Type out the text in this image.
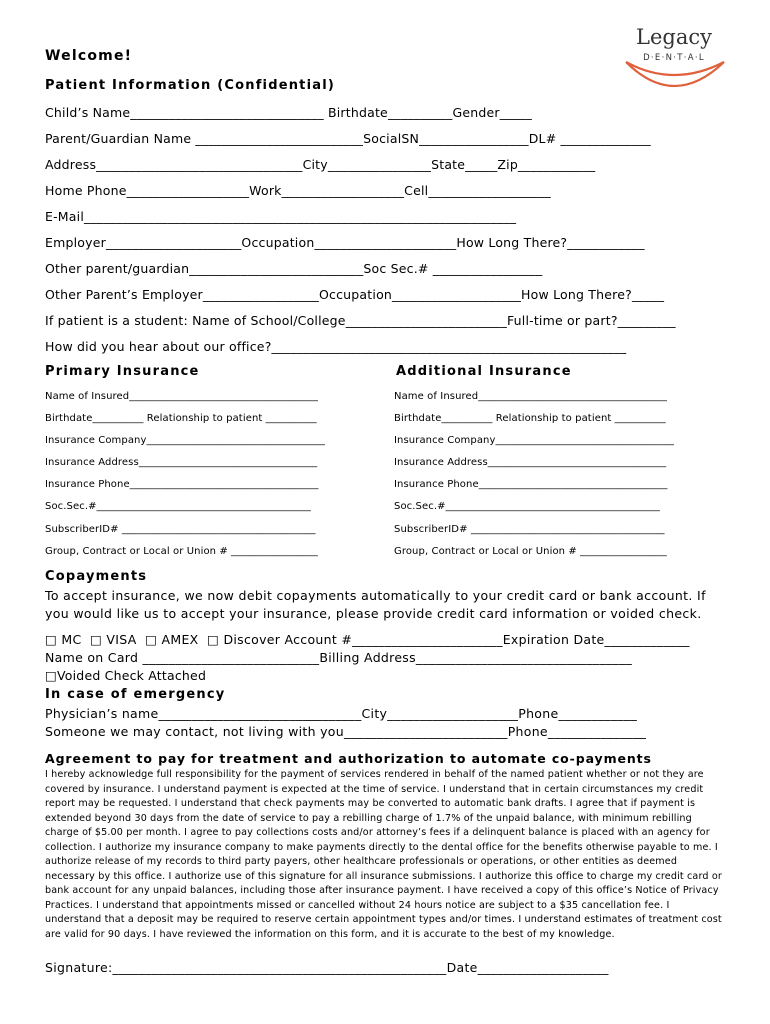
Legacy
D·E·N·T·A·L
Welcome!
Patient Information (Confidential)
Child’s Name______________________________ Birthdate__________Gender_____
Parent/Guardian Name __________________________SocialSN_________________DL# ______________
Address________________________________City________________State_____Zip____________
Home Phone___________________Work___________________Cell___________________
E-Mail___________________________________________________________________
Employer_____________________Occupation______________________How Long There?____________
Other parent/guardian___________________________Soc Sec.# _________________
Other Parent’s Employer__________________Occupation____________________How Long There?_____
If patient is a student: Name of School/College_________________________Full-time or part?_________
How did you hear about our office?_______________________________________________________
Primary Insurance	Additional Insurance
Name of Insured_____________________________________
Birthdate__________ Relationship to patient __________
Insurance Company___________________________________
Insurance Address___________________________________
Insurance Phone_____________________________________
Soc.Sec.#__________________________________________
SubscriberID# ______________________________________
Group, Contract or Local or Union # _________________
Name of Insured_____________________________________
Birthdate__________ Relationship to patient __________
Insurance Company___________________________________
Insurance Address___________________________________
Insurance Phone_____________________________________
Soc.Sec.#__________________________________________
SubscriberID# ______________________________________
Group, Contract or Local or Union # _________________
Copayments
To accept insurance, we now debit copayments automatically to your credit card or bank account. If you would like us to accept your insurance, please provide credit card information or voided check.
□ MC  □ VISA  □ AMEX  □ Discover Account #_______________________Expiration Date_____________
Name on Card ___________________________Billing Address_________________________________
□Voided Check Attached
In case of emergency
Physician’s name_______________________________City____________________Phone____________
Someone we may contact, not living with you_________________________Phone_______________
Agreement to pay for treatment and authorization to automate co-payments
I hereby acknowledge full responsibility for the payment of services rendered in behalf of the named patient whether or not they are covered by insurance. I understand payment is expected at the time of service. I understand that in certain circumstances my credit report may be requested. I understand that check payments may be converted to automatic bank drafts. I agree that if payment is extended beyond 30 days from the date of service to pay a rebilling charge of 1.7% of the unpaid balance, with minimum rebilling charge of $5.00 per month. I agree to pay collections costs and/or attorney’s fees if a delinquent balance is placed with an agency for collection. I authorize my insurance company to make payments directly to the dental office for the benefits otherwise payable to me. I authorize release of my records to third party payers, other healthcare professionals or operations, or other entities as deemed necessary by this office. I authorize use of this signature for all insurance submissions. I authorize this office to charge my credit card or bank account for any unpaid balances, including those after insurance payment. I have received a copy of this office’s Notice of Privacy Practices. I understand that appointments missed or cancelled without 24 hours notice are subject to a $35 cancellation fee. I understand that a deposit may be required to reserve certain appointment types and/or times. I understand estimates of treatment cost are valid for 90 days. I have reviewed the information on this form, and it is accurate to the best of my knowledge.
Signature:___________________________________________________Date____________________
